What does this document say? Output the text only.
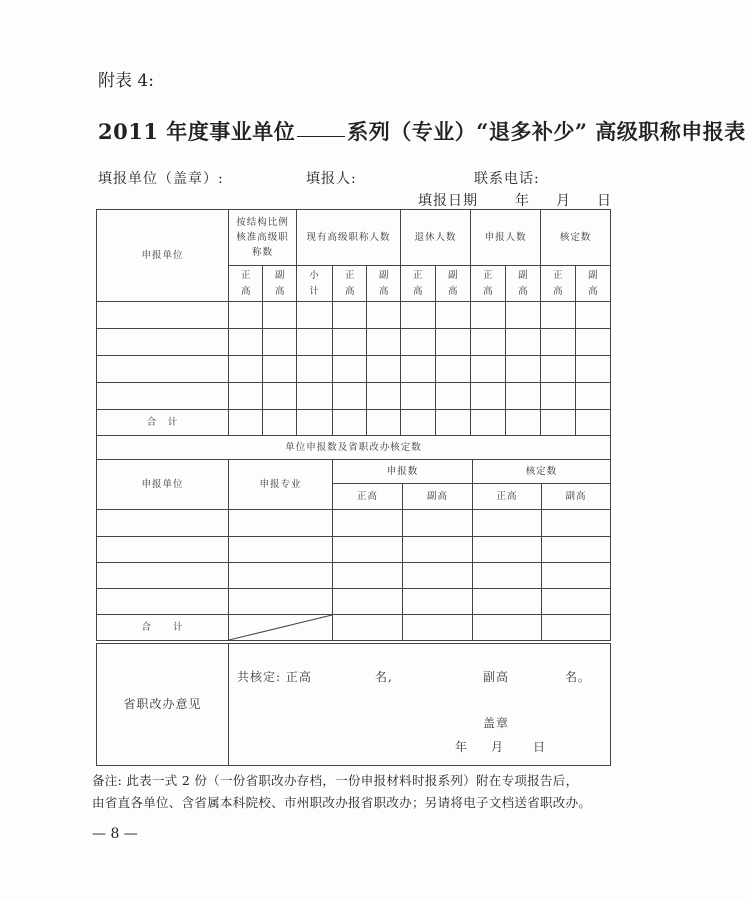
附表 4:
2011 年度事业单位 系列（专业）“退多补少” 高级职称申报表
填报单位（盖章）:	填报人:	联系电话:
填报日期	年 月 日
申报单位	按结构比例核准高级职称数		现有高级职称人数			退休人数		申报人数		核定数	
	正高	副高	小计	正高	副高	正高	副高	正高	副高	正高	副高

合　计											
单位申报数及省职改办核定数					
申报单位	申报专业	申报数		核定数	
		正高	副高	正高	副高

合　　计	

省职改办意见	
共核定: 正高	名,	副高	名。
盖章
年 月 日
备注: 此表一式 2 份（一份省职改办存档，一份申报材料时报系列）附在专项报告后，
由省直各单位、含省属本科院校、市州职改办报省职改办；另请将电子文档送省职改办。
— 8 —
